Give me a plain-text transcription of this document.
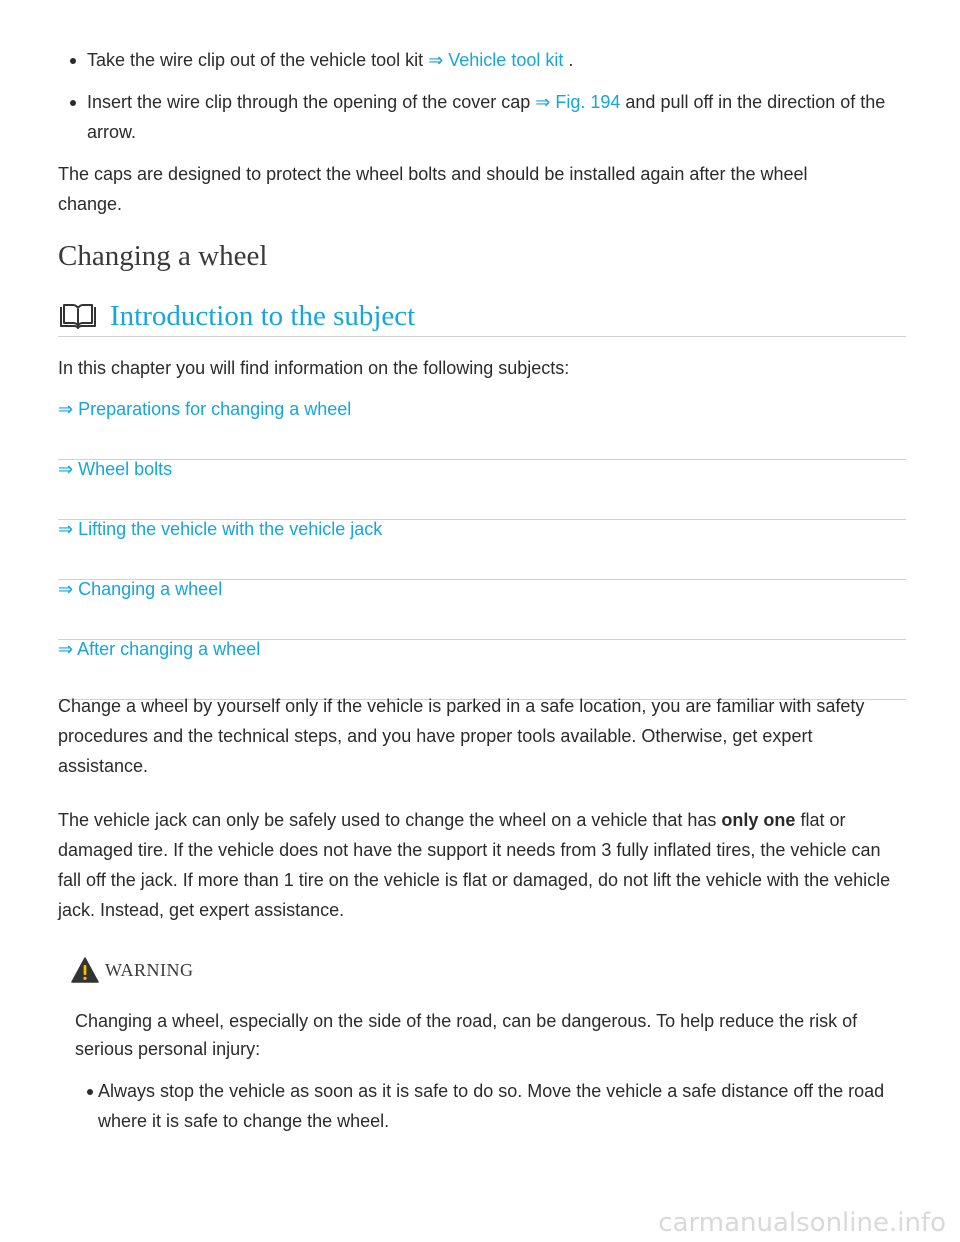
Take the wire clip out of the vehicle tool kit ⇒ Vehicle tool kit .
Insert the wire clip through the opening of the cover cap ⇒ Fig. 194 and pull off in the direction of the arrow.

The caps are designed to protect the wheel bolts and should be installed again after the wheel change.

Changing a wheel
Introduction to the subject

In this chapter you will find information on the following subjects:

⇒ Preparations for changing a wheel
⇒ Wheel bolts
⇒ Lifting the vehicle with the vehicle jack
⇒ Changing a wheel
⇒ After changing a wheel

Change a wheel by yourself only if the vehicle is parked in a safe location, you are familiar with safety procedures and the technical steps, and you have proper tools available. Otherwise, get expert assistance.

The vehicle jack can only be safely used to change the wheel on a vehicle that has only one flat or damaged tire. If the vehicle does not have the support it needs from 3 fully inflated tires, the vehicle can fall off the jack. If more than 1 tire on the vehicle is flat or damaged, do not lift the vehicle with the vehicle jack. Instead, get expert assistance.

WARNING

Changing a wheel, especially on the side of the road, can be dangerous. To help reduce the risk of serious personal injury:

Always stop the vehicle as soon as it is safe to do so. Move the vehicle a safe distance off the road where it is safe to change the wheel.
carmanualsonline.info
